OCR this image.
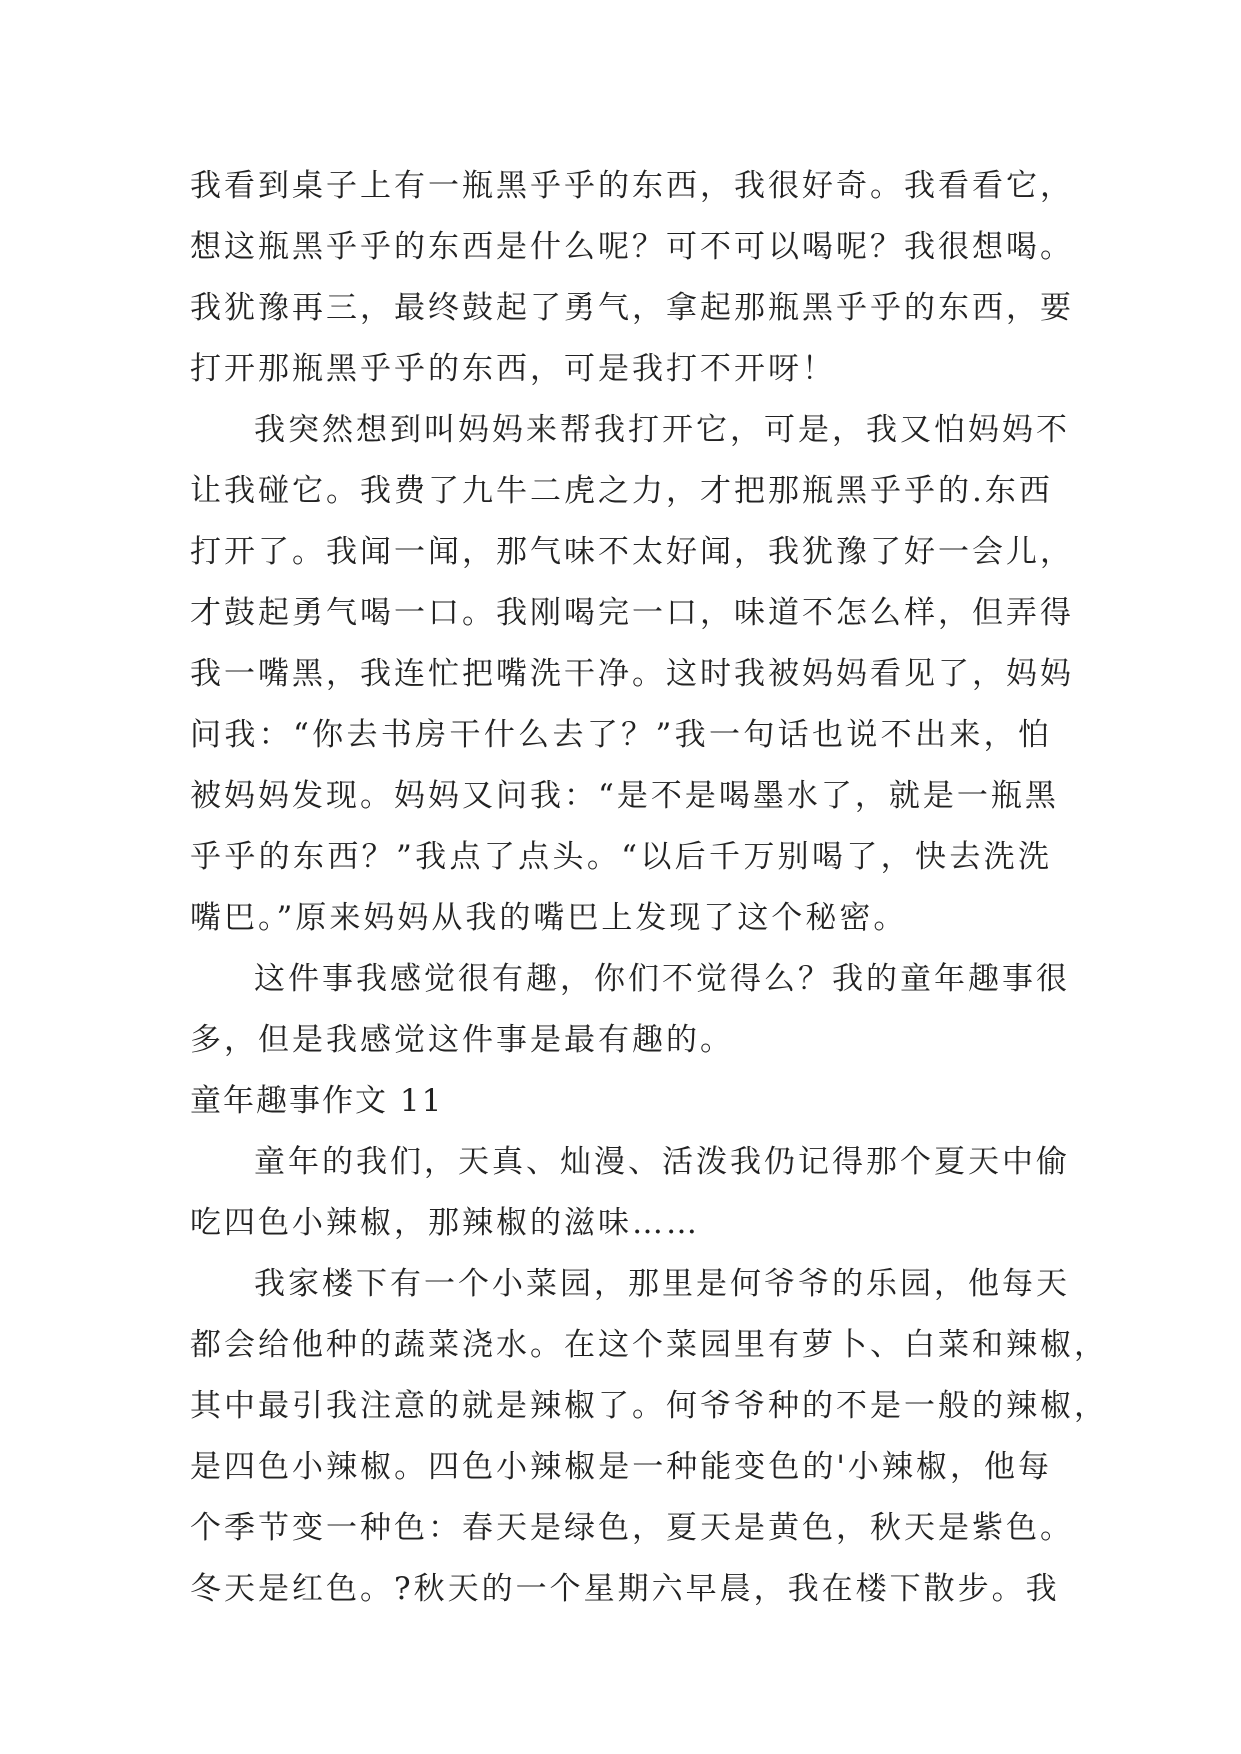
我看到桌子上有一瓶黑乎乎的东西，我很好奇。我看看它，
想这瓶黑乎乎的东西是什么呢？可不可以喝呢？我很想喝。
我犹豫再三，最终鼓起了勇气，拿起那瓶黑乎乎的东西，要
打开那瓶黑乎乎的东西，可是我打不开呀！
我突然想到叫妈妈来帮我打开它，可是，我又怕妈妈不
让我碰它。我费了九牛二虎之力，才把那瓶黑乎乎的.东西
打开了。我闻一闻，那气味不太好闻，我犹豫了好一会儿，
才鼓起勇气喝一口。我刚喝完一口，味道不怎么样，但弄得
我一嘴黑，我连忙把嘴洗干净。这时我被妈妈看见了，妈妈
问我：“你去书房干什么去了？”我一句话也说不出来，怕
被妈妈发现。妈妈又问我：“是不是喝墨水了，就是一瓶黑
乎乎的东西？”我点了点头。“以后千万别喝了，快去洗洗
嘴巴。”原来妈妈从我的嘴巴上发现了这个秘密。
这件事我感觉很有趣，你们不觉得么？我的童年趣事很
多，但是我感觉这件事是最有趣的。
童年趣事作文 11
童年的我们，天真、灿漫、活泼我仍记得那个夏天中偷
吃四色小辣椒，那辣椒的滋味……
我家楼下有一个小菜园，那里是何爷爷的乐园，他每天
都会给他种的蔬菜浇水。在这个菜园里有萝卜、白菜和辣椒，
其中最引我注意的就是辣椒了。何爷爷种的不是一般的辣椒，
是四色小辣椒。四色小辣椒是一种能变色的'小辣椒，他每
个季节变一种色：春天是绿色，夏天是黄色，秋天是紫色。
冬天是红色。?秋天的一个星期六早晨，我在楼下散步。我
